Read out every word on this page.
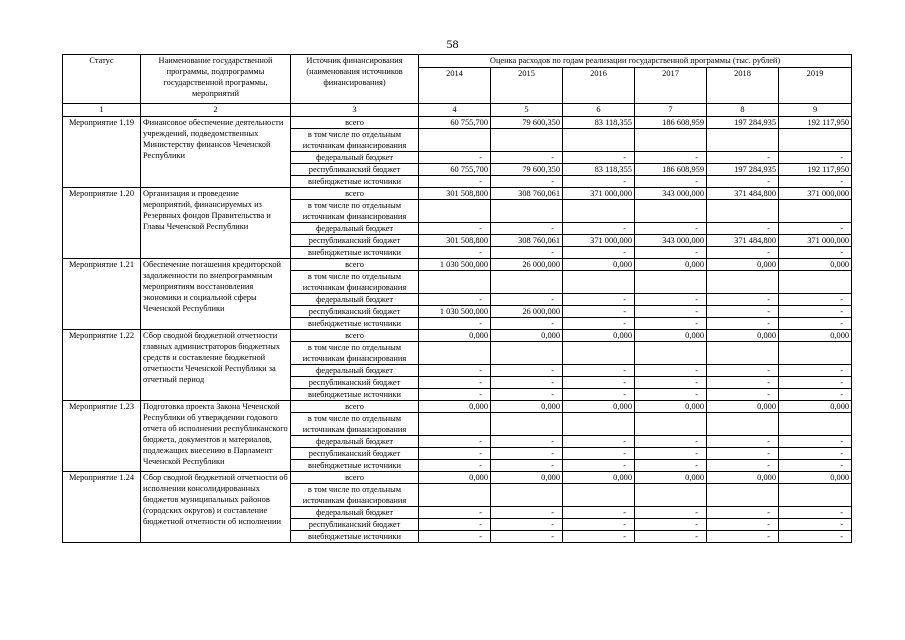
58
Статус	Наименование государственной программы, подпрограммы государственной программы, мероприятий	Источник финансирования (наименования источников финансирования)	Оценка расходов по годам реализации государственной программы (тыс. рублей)					
			2014	2015	2016	2017	2018	2019
1	2	3	4	5	6	7	8	9
Мероприятие 1.19	Финансовое обеспечение деятельности учреждений, подведомственных Министерству финансов Чеченской Республики	всего	60 755,700	79 600,350	83 118,355	186 608,959	197 284,935	192 117,950
		в том числе по отдельным источникам финансирования						
		федеральный бюджет	-	-	-	-	-	-
		республиканский бюджет	60 755,700	79 600,350	83 118,355	186 608,959	197 284,935	192 117,950
		внебюджетные источники	-	-	-	-	-	-
Мероприятие 1.20	Организация и проведение мероприятий, финансируемых из Резервных фондов Правительства и Главы Чеченской Республики	всего	301 508,800	308 760,061	371 000,000	343 000,000	371 484,800	371 000,000
		в том числе по отдельным источникам финансирования						
		федеральный бюджет	-	-	-	-	-	-
		республиканский бюджет	301 508,800	308 760,061	371 000,000	343 000,000	371 484,800	371 000,000
		внебюджетные источники	-	-	-	-	-	-
Мероприятие 1.21	Обеспечение погашения кредиторской задолженности по внепрограммным мероприятиям восстановления экономики и социальной сферы Чеченской Республики	всего	1 030 500,000	26 000,000	0,000	0,000	0,000	0,000
		в том числе по отдельным источникам финансирования						
		федеральный бюджет	-	-	-	-	-	-
		республиканский бюджет	1 030 500,000	26 000,000	-	-	-	-
		внебюджетные источники	-	-	-	-	-	-
Мероприятие 1.22	Сбор сводной бюджетной отчетности главных администраторов бюджетных средств и составление бюджетной отчетности Чеченской Республики за отчетный период	всего	0,000	0,000	0,000	0,000	0,000	0,000
		в том числе по отдельным источникам финансирования						
		федеральный бюджет	-	-	-	-	-	-
		республиканский бюджет	-	-	-	-	-	-
		внебюджетные источники	-	-	-	-	-	-
Мероприятие 1.23	Подготовка проекта Закона Чеченской Республики об утверждении годового отчета об исполнении республиканского бюджета, документов и материалов, подлежащих внесению в Парламент Чеченской Республики	всего	0,000	0,000	0,000	0,000	0,000	0,000
		в том числе по отдельным источникам финансирования						
		федеральный бюджет	-	-	-	-	-	-
		республиканский бюджет	-	-	-	-	-	-
		внебюджетные источники	-	-	-	-	-	-
Мероприятие 1.24	Сбор сводной бюджетной отчетности об исполнении консолидированных бюджетов муниципальных районов (городских округов) и составление бюджетной отчетности об исполнении	всего	0,000	0,000	0,000	0,000	0,000	0,000
		в том числе по отдельным источникам финансирования						
		федеральный бюджет	-	-	-	-	-	-
		республиканский бюджет	-	-	-	-	-	-
		внебюджетные источники	-	-	-	-	-	-
